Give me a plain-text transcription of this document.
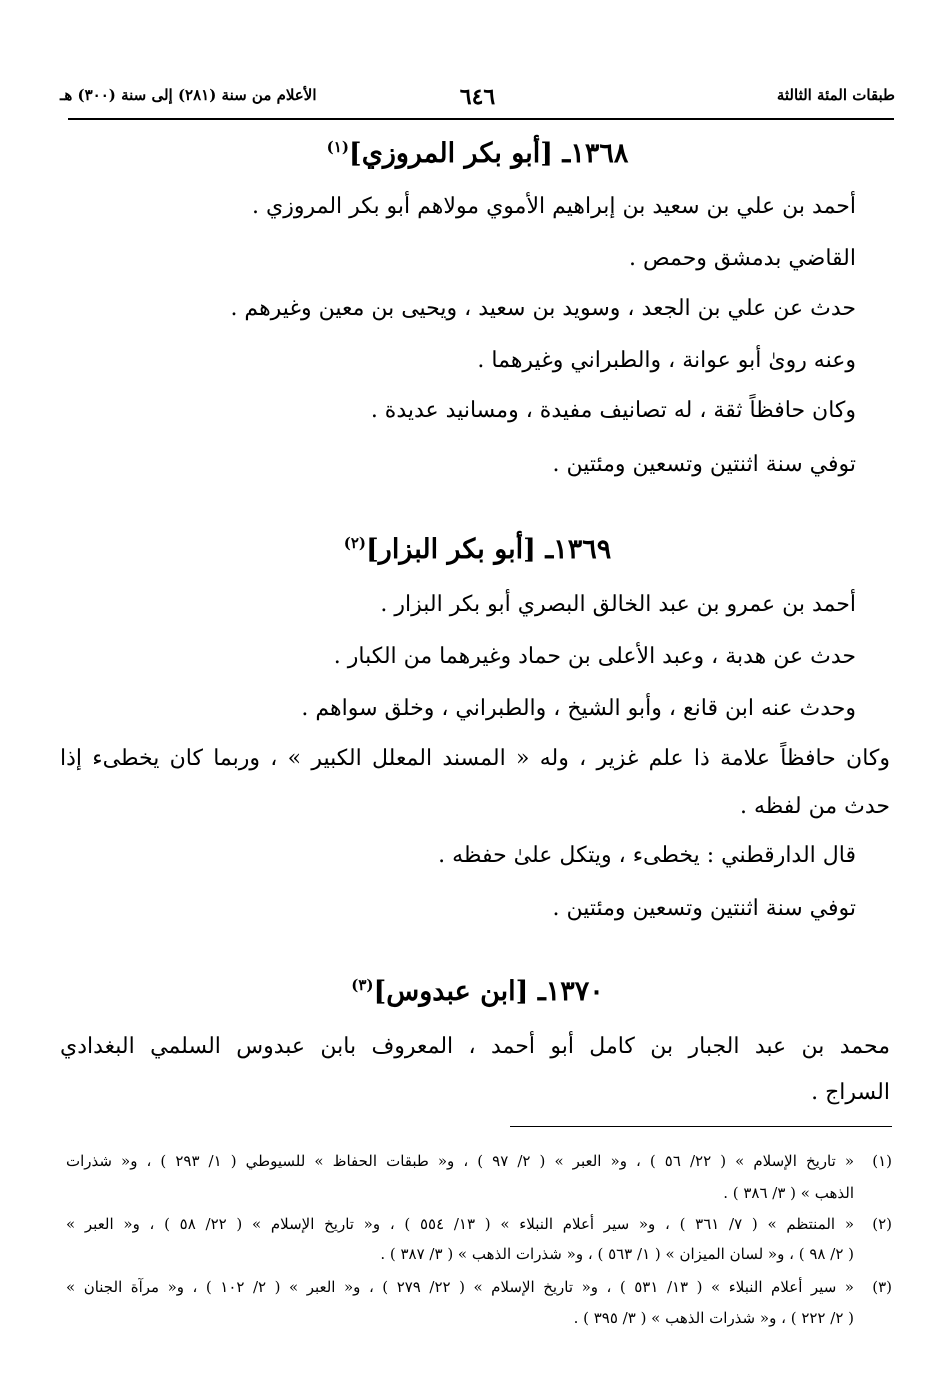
طبقات المئة الثالثة
٦٤٦
الأعلام من سنة (٢٨١) إلى سنة (٣٠٠) هـ
١٣٦٨ـ [أبو بكر المروزي]$^{(١)}$
أحمد بن علي بن سعيد بن إبراهيم الأموي مولاهم أبو بكر المروزي .
القاضي بدمشق وحمص .
حدث عن علي بن الجعد ، وسويد بن سعيد ، ويحيى بن معين وغيرهم .
وعنه روىٰ أبو عوانة ، والطبراني وغيرهما .
وكان حافظاً ثقة ، له تصانيف مفيدة ، ومسانيد عديدة .
توفي سنة اثنتين وتسعين ومئتين .
١٣٦٩ـ [أبو بكر البزار]$^{(٢)}$
أحمد بن عمرو بن عبد الخالق البصري أبو بكر البزار .
حدث عن هدبة ، وعبد الأعلى بن حماد وغيرهما من الكبار .
وحدث عنه ابن قانع ، وأبو الشيخ ، والطبراني ، وخلق سواهم .
وكان حافظاً علامة ذا علم غزير ، وله « المسند المعلل الكبير » ، وربما كان يخطىء إذا
حدث من لفظه .
قال الدارقطني : يخطىء ، ويتكل علىٰ حفظه .
توفي سنة اثنتين وتسعين ومئتين .
١٣٧٠ـ [ابن عبدوس]$^{(٣)}$
محمد بن عبد الجبار بن كامل أبو أحمد ، المعروف بابن عبدوس السلمي البغدادي
السراج .
(١)
« تاريخ الإسلام » ( ٢٢/ ٥٦ ) ، و« العبر » ( ٢/ ٩٧ ) ، و« طبقات الحفاظ » للسيوطي ( ١/ ٢٩٣ ) ، و« شذرات
الذهب » ( ٣/ ٣٨٦ ) .
(٢)
« المنتظم » ( ٧/ ٣٦١ ) ، و« سير أعلام النبلاء » ( ١٣/ ٥٥٤ ) ، و« تاريخ الإسلام » ( ٢٢/ ٥٨ ) ، و« العبر »
( ٢/ ٩٨ ) ، و« لسان الميزان » ( ١/ ٥٦٣ ) ، و« شذرات الذهب » ( ٣/ ٣٨٧ ) .
(٣)
« سير أعلام النبلاء » ( ١٣/ ٥٣١ ) ، و« تاريخ الإسلام » ( ٢٢/ ٢٧٩ ) ، و« العبر » ( ٢/ ١٠٢ ) ، و« مرآة الجنان »
( ٢/ ٢٢٢ ) ، و« شذرات الذهب » ( ٣/ ٣٩٥ ) .
